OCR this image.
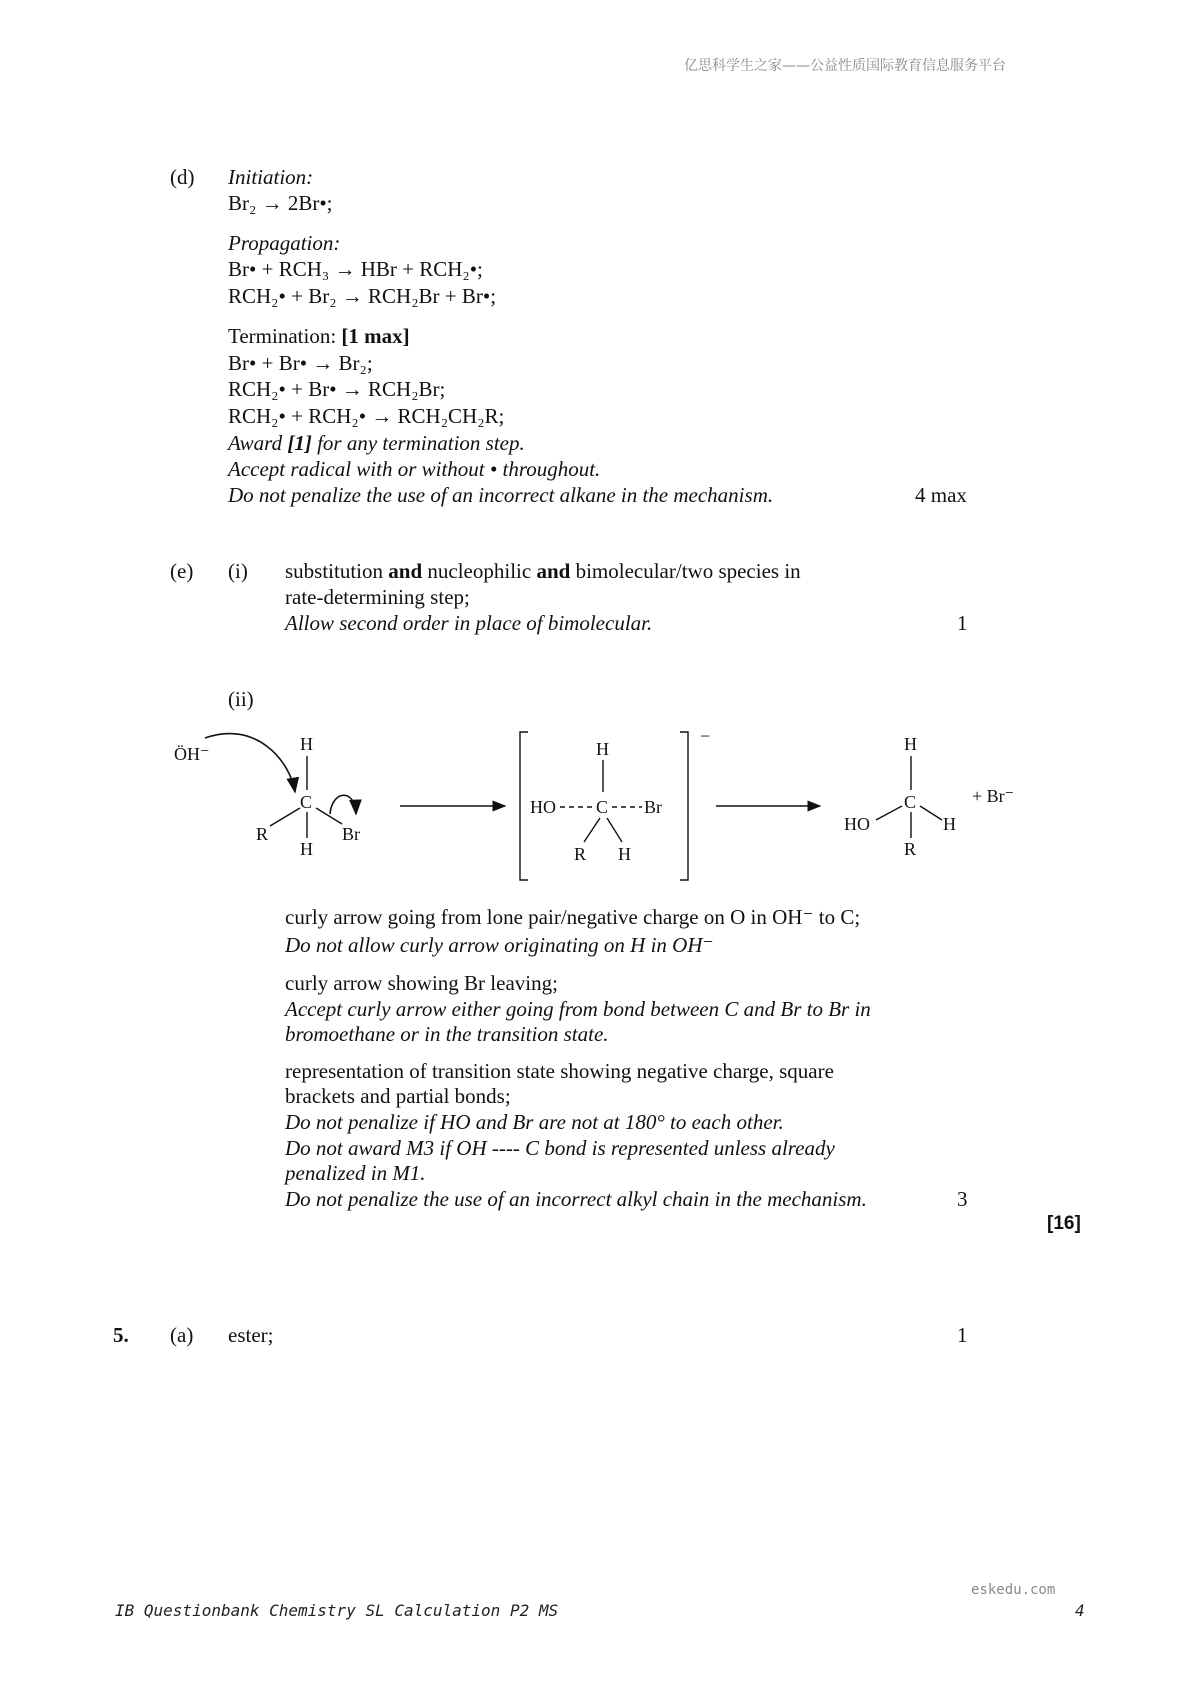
亿思科学生之家——公益性质国际教育信息服务平台
(d) Initiation:
Br₂ → 2Br•;
Propagation:
Br• + RCH₃ → HBr + RCH₂•;
RCH₂• + Br₂ → RCH₂Br + Br•;
Termination: [1 max]
Br• + Br• → Br₂;
RCH₂• + Br• → RCH₂Br;
RCH₂• + RCH₂• → RCH₂CH₂R;
Award [1] for any termination step.
Accept radical with or without • throughout.
Do not penalize the use of an incorrect alkane in the mechanism.	4 max
(e) (i) substitution and nucleophilic and bimolecular/two species in
rate-determining step;
Allow second order in place of bimolecular.	1
(ii)
ÖH⁻	H
C
H
R	Br
−
H
HO C Br
R H
H
C
HO	H
R
+ Br⁻
curly arrow going from lone pair/negative charge on O in OH⁻ to C;
Do not allow curly arrow originating on H in OH⁻
curly arrow showing Br leaving;
Accept curly arrow either going from bond between C and Br to Br in
bromoethane or in the transition state.
representation of transition state showing negative charge, square
brackets and partial bonds;
Do not penalize if HO and Br are not at 180° to each other.
Do not award M3 if OH ---- C bond is represented unless already
penalized in M1.
Do not penalize the use of an incorrect alkyl chain in the mechanism.	3
[16]
5. (a) ester;	1
eskedu.com
IB Questionbank Chemistry SL Calculation P2 MS	4
